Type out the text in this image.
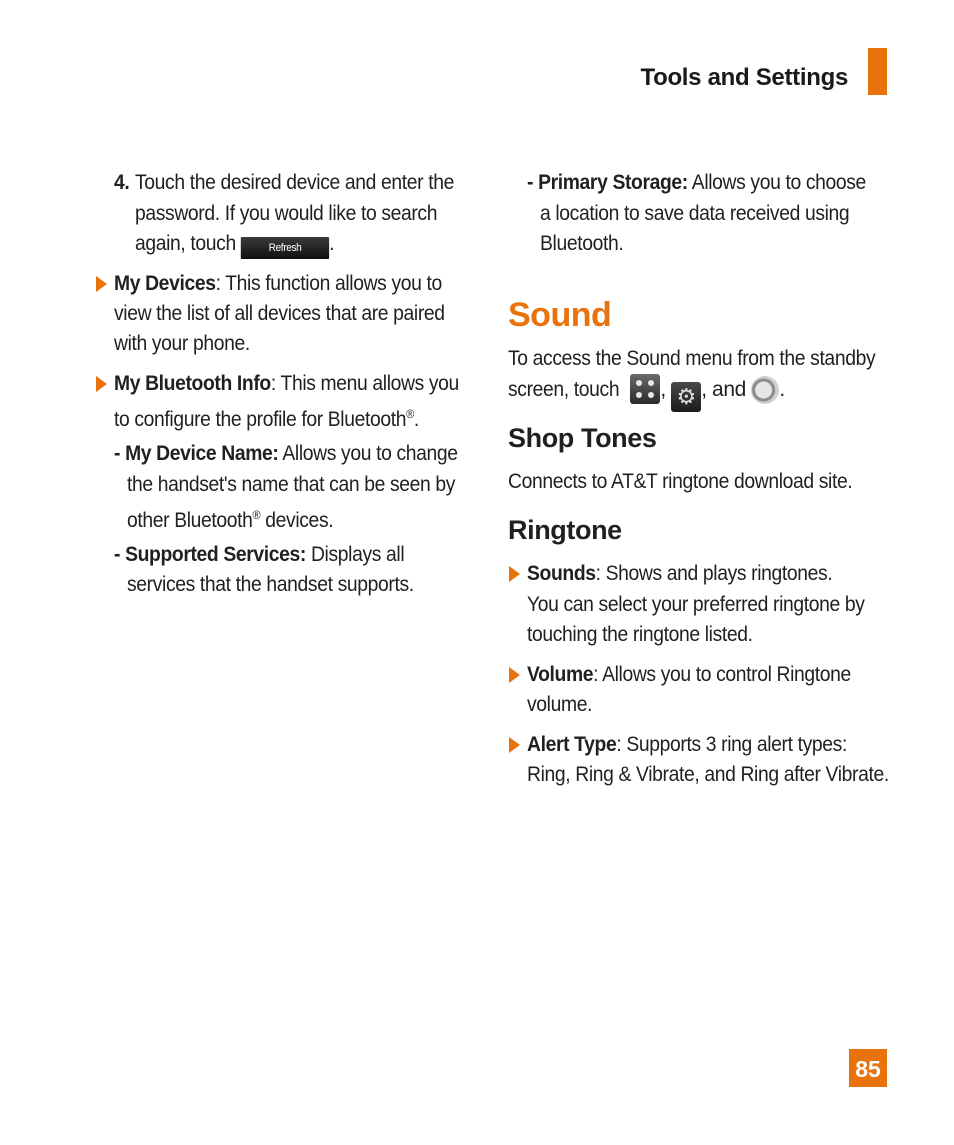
Tools and Settings
4. Touch the desired device and enter the
password. If you would like to search
again, touch	Refresh .
My Devices: This function allows you to
view the list of all devices that are paired
with your phone.
My Bluetooth Info: This menu allows you
to configure the profile for Bluetooth®.
- My Device Name: Allows you to change
the handset's name that can be seen by
other Bluetooth® devices.
- Supported Services: Displays all
services that the handset supports.
- Primary Storage: Allows you to choose
a location to save data received using
Bluetooth.
Sound
To access the Sound menu from the standby
screen, touch , ⚙ , and .
Shop Tones
Connects to AT&T ringtone download site.
Ringtone
Sounds: Shows and plays ringtones.
You can select your preferred ringtone by
touching the ringtone listed.
Volume: Allows you to control Ringtone
volume.
Alert Type: Supports 3 ring alert types:
Ring, Ring & Vibrate, and Ring after Vibrate.
85
